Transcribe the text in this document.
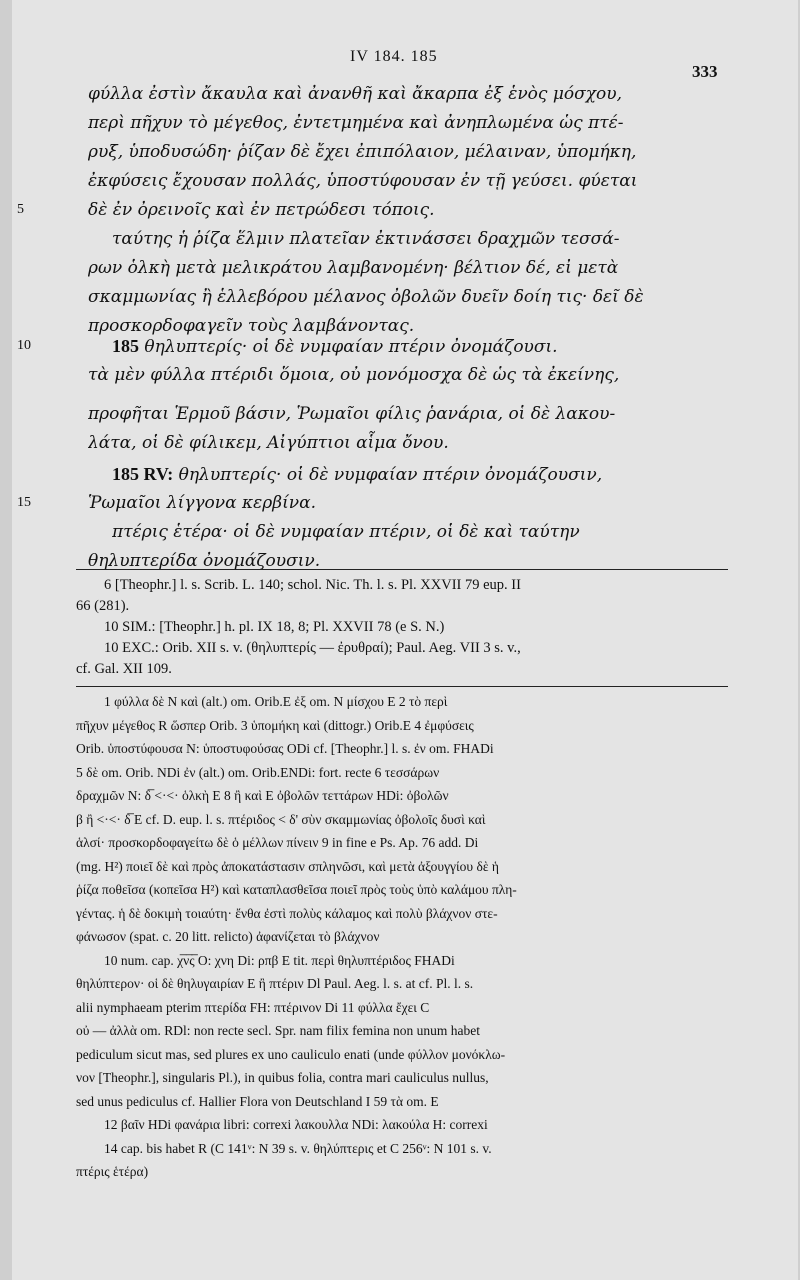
IV 184. 185
333
5
φύλλα ἐστὶν ἄκαυλα καὶ ἀνανθῆ καὶ ἄκαρπα ἐξ ἑνὸς μόσχου,
περὶ πῆχυν τὸ μέγεθος, ἐντετμημένα καὶ ἀνηπλωμένα ὡς πτέ-
ρυξ, ὑποδυσώδη· ῥίζαν δὲ ἔχει ἐπιπόλαιον, μέλαιναν, ὑπομήκη,
ἐκφύσεις ἔχουσαν πολλάς, ὑποστύφουσαν ἐν τῇ γεύσει. φύεται
δὲ ἐν ὀρεινοῖς καὶ ἐν πετρώδεσι τόποις.
ταύτης ἡ ῥίζα ἕλμιν πλατεῖαν ἐκτινάσσει δραχμῶν τεσσά-
ρων ὁλκὴ μετὰ μελικράτου λαμβανομένη· βέλτιον δέ, εἰ μετὰ
σκαμμωνίας ἢ ἑλλεβόρου μέλανος ὀβολῶν δυεῖν δοίη τις· δεῖ δὲ
προσκορδοφαγεῖν τοὺς λαμβάνοντας.
10	185 θηλυπτερίς· οἱ δὲ νυμφαίαν πτέριν ὀνομάζουσι.
τὰ μὲν φύλλα πτέριδι ὅμοια, οὐ μονόμοσχα δὲ ὡς τὰ ἐκείνης,
προφῆται Ἑρμοῦ βάσιν, Ῥωμαῖοι φίλις ῥανάρια, οἱ δὲ λακου-
λάτα, οἱ δὲ φίλικεμ, Αἰγύπτιοι αἷμα ὄνου.
185 RV: θηλυπτερίς· οἱ δὲ νυμφαίαν πτέριν ὀνομάζουσιν,
15	Ῥωμαῖοι λίγγονα κερβίνα.
πτέρις ἑτέρα· οἱ δὲ νυμφαίαν πτέριν, οἱ δὲ καὶ ταύτην
θηλυπτερίδα ὀνομάζουσιν.
6 [Theophr.] l. s. Scrib. L. 140; schol. Nic. Th. l. s. Pl. XXVII 79 eup. II
66 (281).
10 SIM.: [Theophr.] h. pl. IX 18, 8; Pl. XXVII 78 (e S. N.)
10 EXC.: Orib. XII s. v. (θηλυπτερίς — ἐρυθραί); Paul. Aeg. VII 3 s. v.,
cf. Gal. XII 109.
1 φύλλα δὲ N καὶ (alt.) om. Orib.E ἐξ om. N μίσχου E 2 τὸ περὶ
πῆχυν μέγεθος R ὥσπερ Orib. 3 ὑπομήκη καὶ (dittogr.) Orib.E 4 ἐμφύσεις
Orib. ὑποστύφουσα N: ὑποστυφούσας ODi cf. [Theophr.] l. s. ἐν om. FHADi
5 δὲ om. Orib. NDi ἐν (alt.) om. Orib.ENDi: fort. recte 6 τεσσάρων
δραχμῶν N: δ̅ <·<· ὁλκὴ E 8 ἢ καὶ E ὀβολῶν τεττάρων HDi: ὀβολῶν
β ἢ <·<· δ̅ E cf. D. eup. l. s. πτέριδος < δ' σὺν σκαμμωνίας ὀβολοῖς δυσὶ καὶ
ἁλσί· προσκορδοφαγείτω δὲ ὁ μέλλων πίνειν 9 in fine e Ps. Ap. 76 add. Di
(mg. H²) ποιεῖ δὲ καὶ πρὸς ἀποκατάστασιν σπληνῶσι, καὶ μετὰ ἀξουγγίου δὲ ἡ
ῥίζα ποθεῖσα (κοπεῖσα H²) καὶ καταπλασθεῖσα ποιεῖ πρὸς τοὺς ὑπὸ καλάμου πλη-
γέντας. ἡ δὲ δοκιμὴ τοιαύτη· ἔνθα ἐστὶ πολὺς κάλαμος καὶ πολὺ βλάχνον στε-
φάνωσον (spat. c. 20 litt. relicto) ἀφανίζεται τὸ βλάχνον
10 num. cap. χ̅ν̅ς̅ O: χνη Di: ρπβ E tit. περὶ θηλυπτέριδος FHADi
θηλύπτερον· οἱ δὲ θηλυγαιρίαν E ἢ πτέριν Dl Paul. Aeg. l. s. at cf. Pl. l. s.
alii nymphaeam pterim πτερίδα FH: πτέρινον Di 11 φύλλα ἔχει C
οὐ — ἀλλὰ om. RDl: non recte secl. Spr. nam filix femina non unum habet
pediculum sicut mas, sed plures ex uno cauliculo enati (unde φύλλον μονόκλω-
νον [Theophr.], singularis Pl.), in quibus folia, contra mari cauliculus nullus,
sed unus pediculus cf. Hallier Flora von Deutschland I 59 τὰ om. E
12 βαῖν HDi φανάρια libri: correxi λακουλλα NDi: λακούλα H: correxi
14 cap. bis habet R (C 141ᵛ: N 39 s. v. θηλύπτερις et C 256ᵛ: N 101 s. v.
πτέρις ἑτέρα)
